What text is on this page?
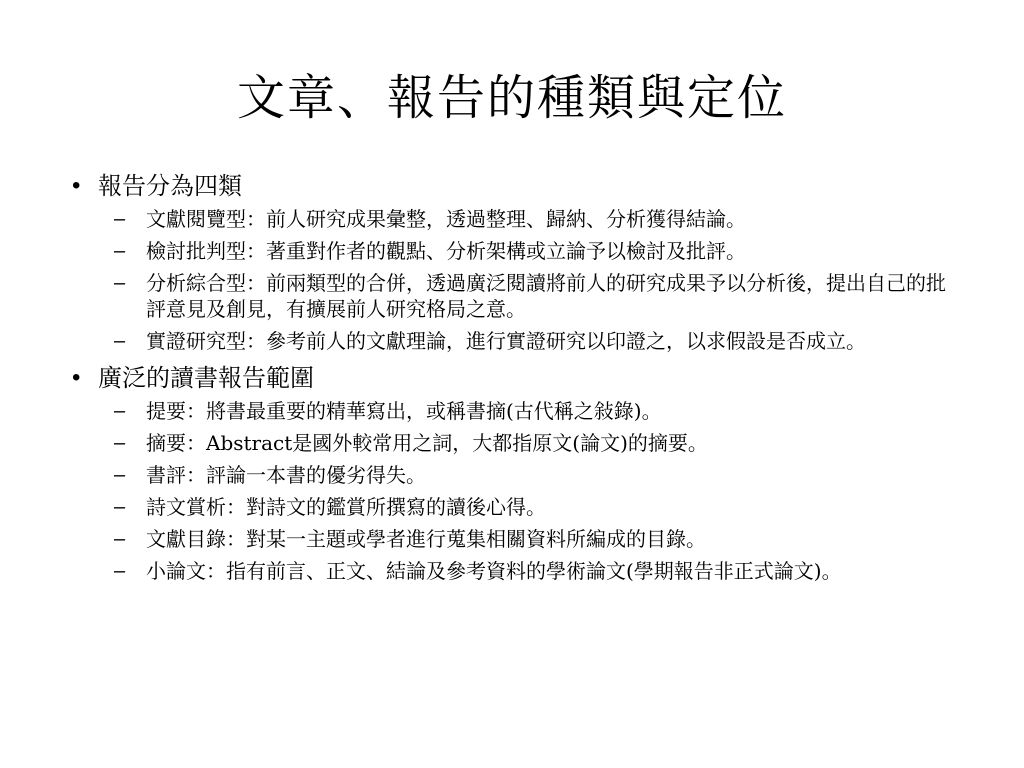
文章、報告的種類與定位
• 報告分為四類
– 文獻閱覽型：前人研究成果彙整，透過整理、歸納、分析獲得結論。
– 檢討批判型：著重對作者的觀點、分析架構或立論予以檢討及批評。
– 分析綜合型：前兩類型的合併，透過廣泛閱讀將前人的研究成果予以分析後，提出自己的批評意見及創見，有擴展前人研究格局之意。
– 實證研究型：參考前人的文獻理論，進行實證研究以印證之，以求假設是否成立。
• 廣泛的讀書報告範圍
– 提要：將書最重要的精華寫出，或稱書摘(古代稱之敍錄)。
– 摘要：Abstract是國外較常用之詞，大都指原文(論文)的摘要。
– 書評：評論一本書的優劣得失。
– 詩文賞析：對詩文的鑑賞所撰寫的讀後心得。
– 文獻目錄：對某一主題或學者進行蒐集相關資料所編成的目錄。
– 小論文：指有前言、正文、結論及參考資料的學術論文(學期報告非正式論文)。
